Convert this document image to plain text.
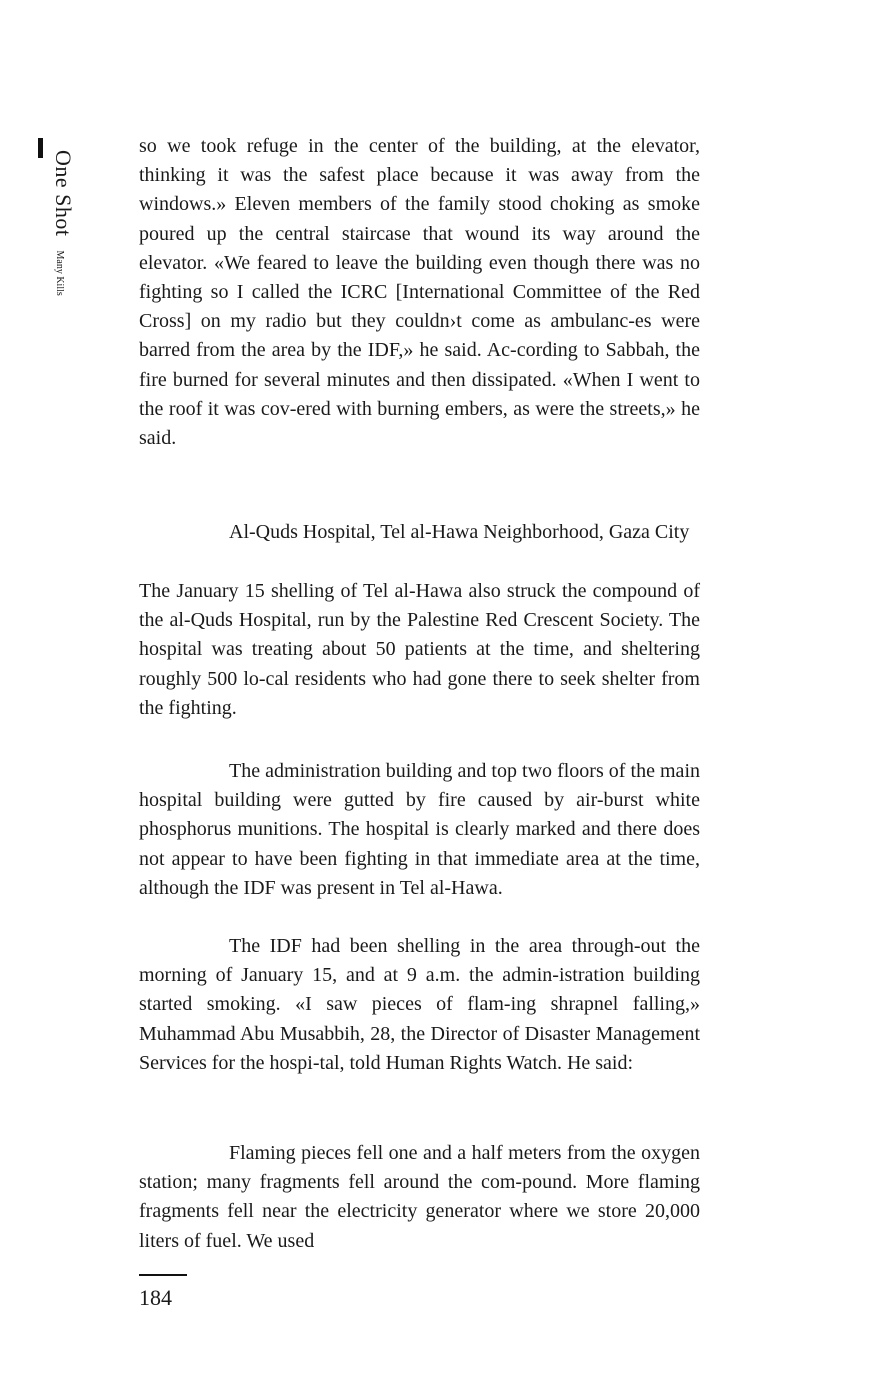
One Shot Many Kills

so we took refuge in the center of the building, at the elevator, thinking it was the safest place because it was away from the windows.» Eleven members of the family stood choking as smoke poured up the central staircase that wound its way around the elevator. «We feared to leave the building even though there was no fighting so I called the ICRC [International Committee of the Red Cross] on my radio but they couldn›t come as ambulanc-es were barred from the area by the IDF,» he said. Ac-cording to Sabbah, the fire burned for several minutes and then dissipated. «When I went to the roof it was cov-ered with burning embers, as were the streets,» he said.

Al-Quds Hospital, Tel al-Hawa Neighborhood, Gaza City

The January 15 shelling of Tel al-Hawa also struck the compound of the al-Quds Hospital, run by the Palestine Red Crescent Society. The hospital was treating about 50 patients at the time, and sheltering roughly 500 lo-cal residents who had gone there to seek shelter from the fighting.

The administration building and top two floors of the main hospital building were gutted by fire caused by air-burst white phosphorus munitions. The hospital is clearly marked and there does not appear to have been fighting in that immediate area at the time, although the IDF was present in Tel al-Hawa.

The IDF had been shelling in the area through-out the morning of January 15, and at 9 a.m. the admin-istration building started smoking. «I saw pieces of flam-ing shrapnel falling,» Muhammad Abu Musabbih, 28, the Director of Disaster Management Services for the hospi-tal, told Human Rights Watch. He said:

Flaming pieces fell one and a half meters from the oxygen station; many fragments fell around the com-pound. More flaming fragments fell near the electricity generator where we store 20,000 liters of fuel. We used

184
